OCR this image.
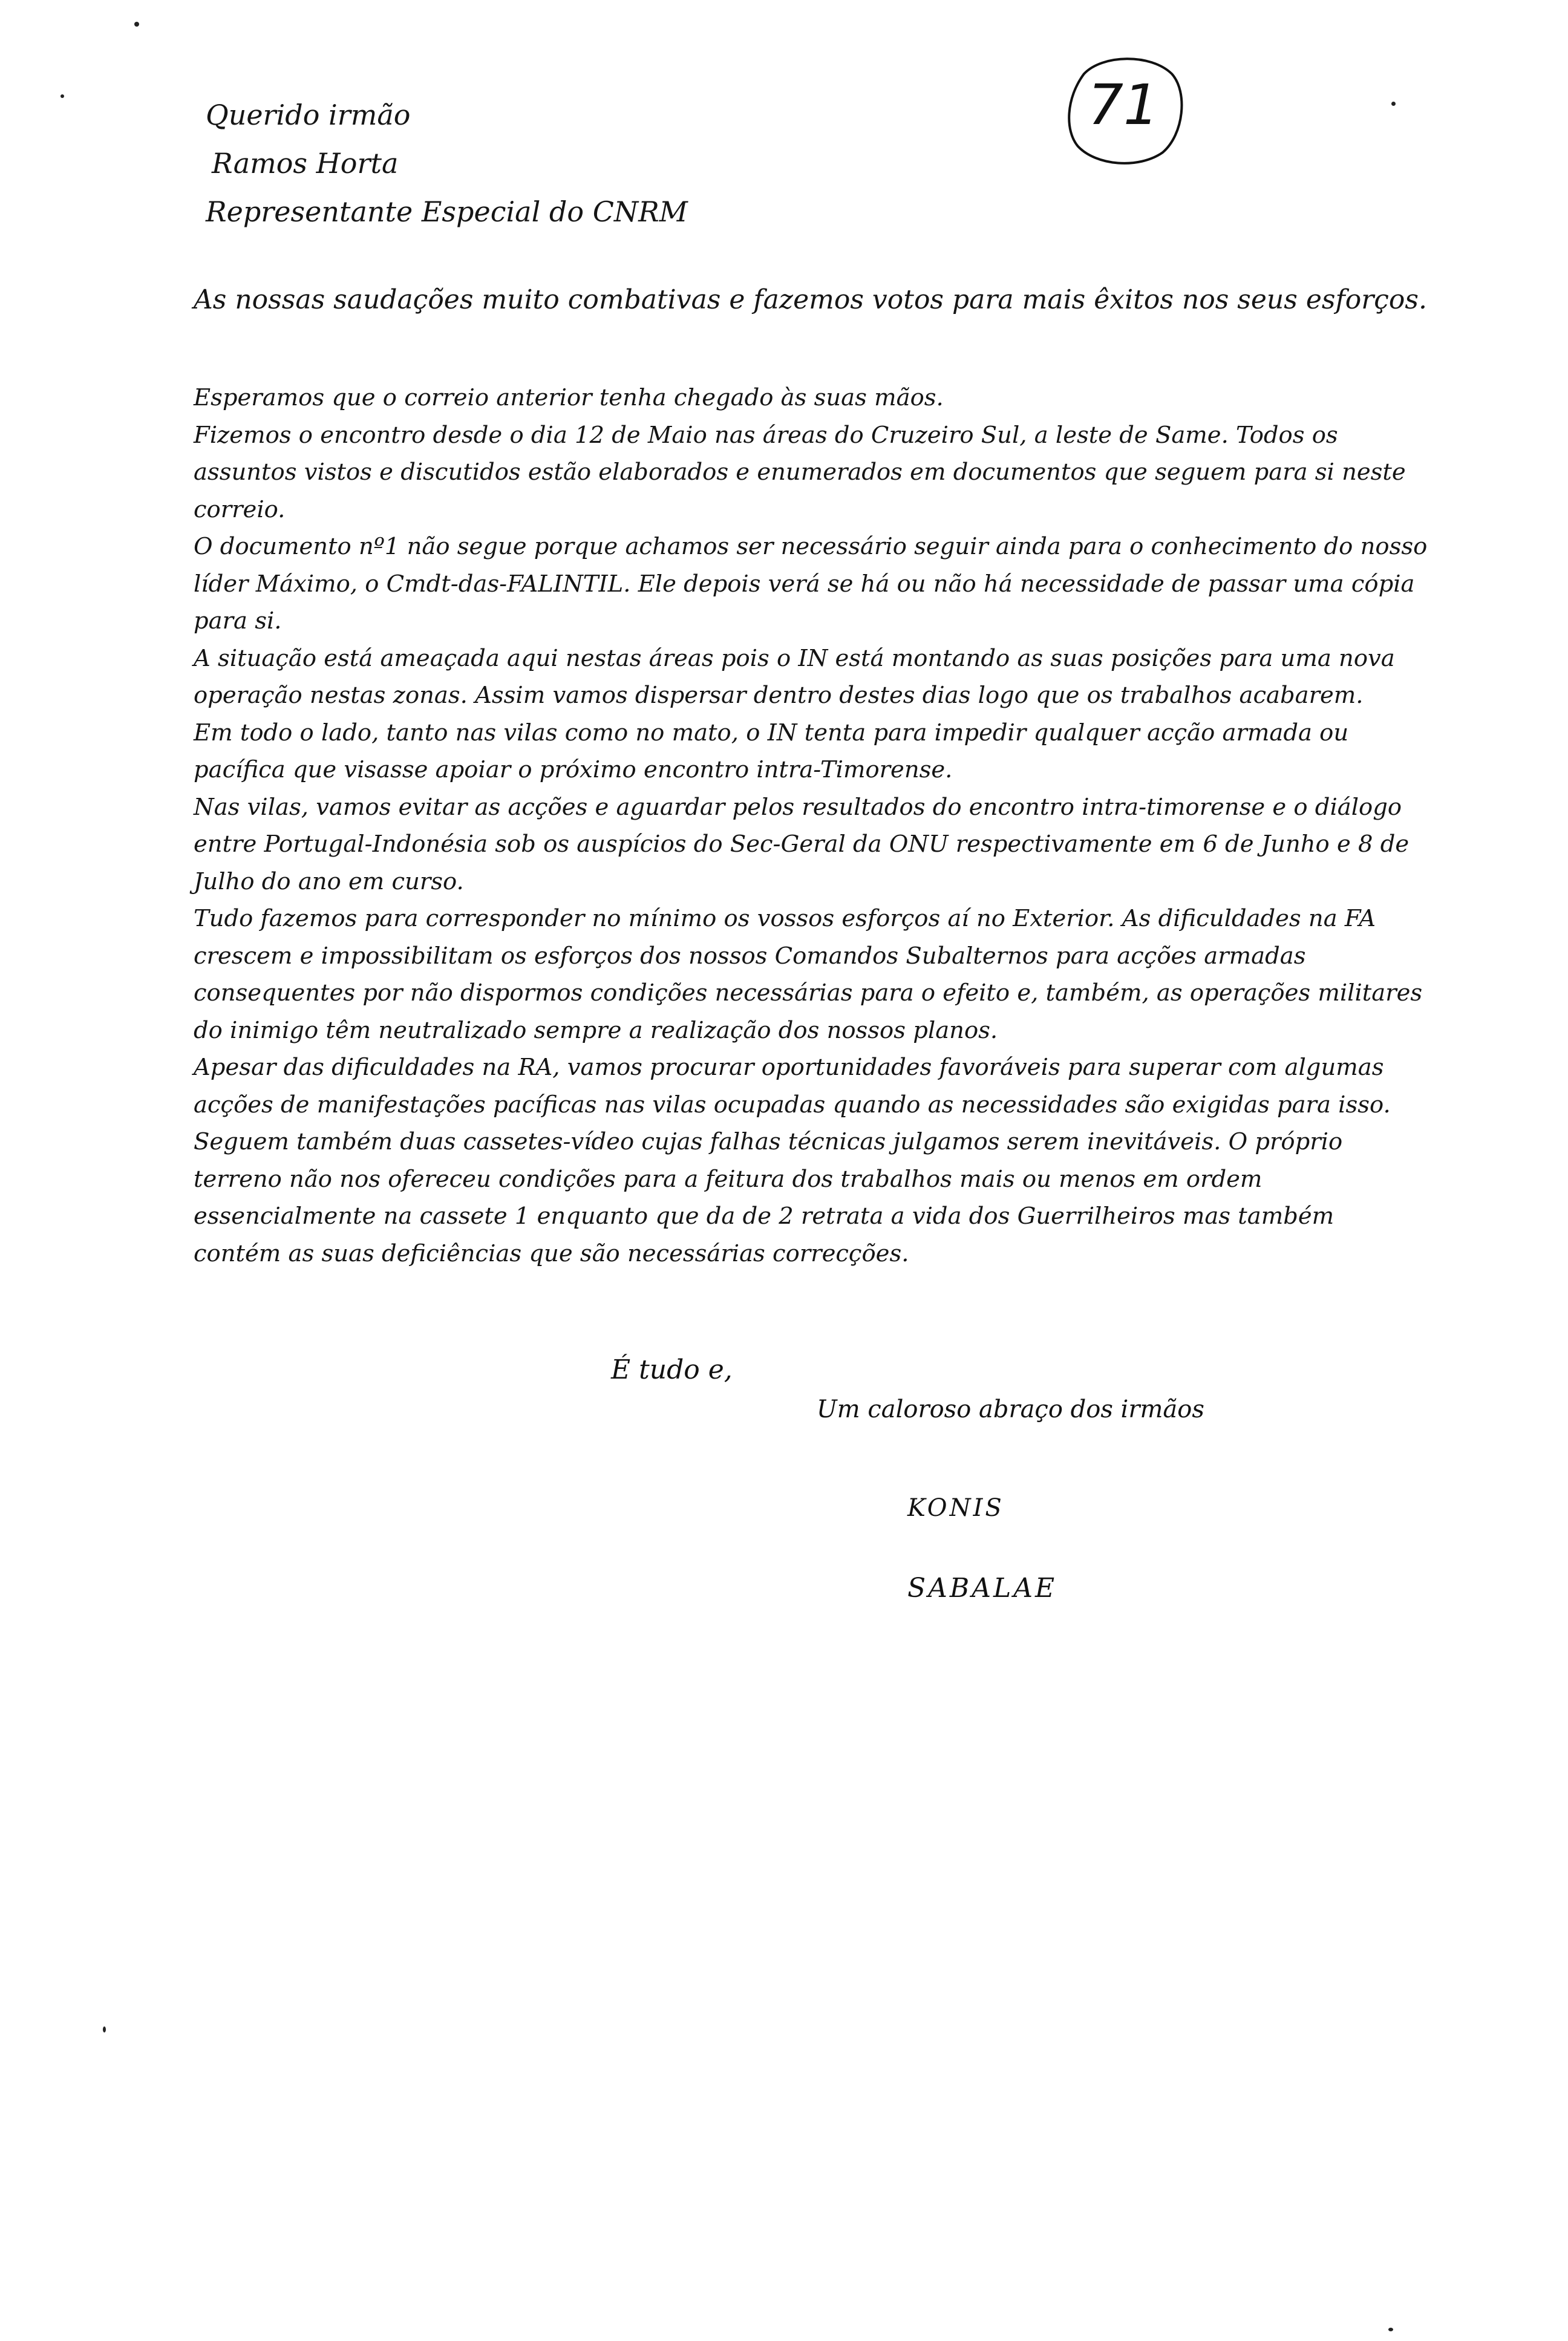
71
Querido irmão
Ramos Horta
Representante Especial do CNRM
As nossas saudações muito combativas e fazemos votos para mais êxitos nos seus esforços.

Esperamos que o correio anterior tenha chegado às suas mãos.

Fizemos o encontro desde o dia 12 de Maio nas áreas do Cruzeiro Sul, a leste de Same. Todos os assuntos vistos e discutidos estão elaborados e enumerados em documentos que seguem para si neste correio.

O documento nº1 não segue porque achamos ser necessário seguir ainda para o conhecimento do nosso líder Máximo, o Cmdt-das-FALINTIL. Ele depois verá se há ou não há necessidade de passar uma cópia para si.

A situação está ameaçada aqui nestas áreas pois o IN está montando as suas posições para uma nova operação nestas zonas. Assim vamos dispersar dentro destes dias logo que os trabalhos acabarem.

Em todo o lado, tanto nas vilas como no mato, o IN tenta para impedir qualquer acção armada ou pacífica que visasse apoiar o próximo encontro intra-Timorense.

Nas vilas, vamos evitar as acções e aguardar pelos resultados do encontro intra-timorense e o diálogo entre Portugal-Indonésia sob os auspícios do Sec-Geral da ONU respectivamente em 6 de Junho e 8 de Julho do ano em curso.

Tudo fazemos para corresponder no mínimo os vossos esforços aí no Exterior. As dificuldades na FA crescem e impossibilitam os esforços dos nossos Comandos Subalternos para acções armadas consequentes por não dispormos condições necessárias para o efeito e, também, as operações militares do inimigo têm neutralizado sempre a realização dos nossos planos.

Apesar das dificuldades na RA, vamos procurar oportunidades favoráveis para superar com algumas acções de manifestações pacíficas nas vilas ocupadas quando as necessidades são exigidas para isso.

Seguem também duas cassetes-vídeo cujas falhas técnicas julgamos serem inevitáveis. O próprio terreno não nos ofereceu condições para a feitura dos trabalhos mais ou menos em ordem essencialmente na cassete 1 enquanto que da de 2 retrata a vida dos Guerrilheiros mas também contém as suas deficiências que são necessárias correcções.

É tudo e,
Um caloroso abraço dos irmãos
KONIS
SABALAE
